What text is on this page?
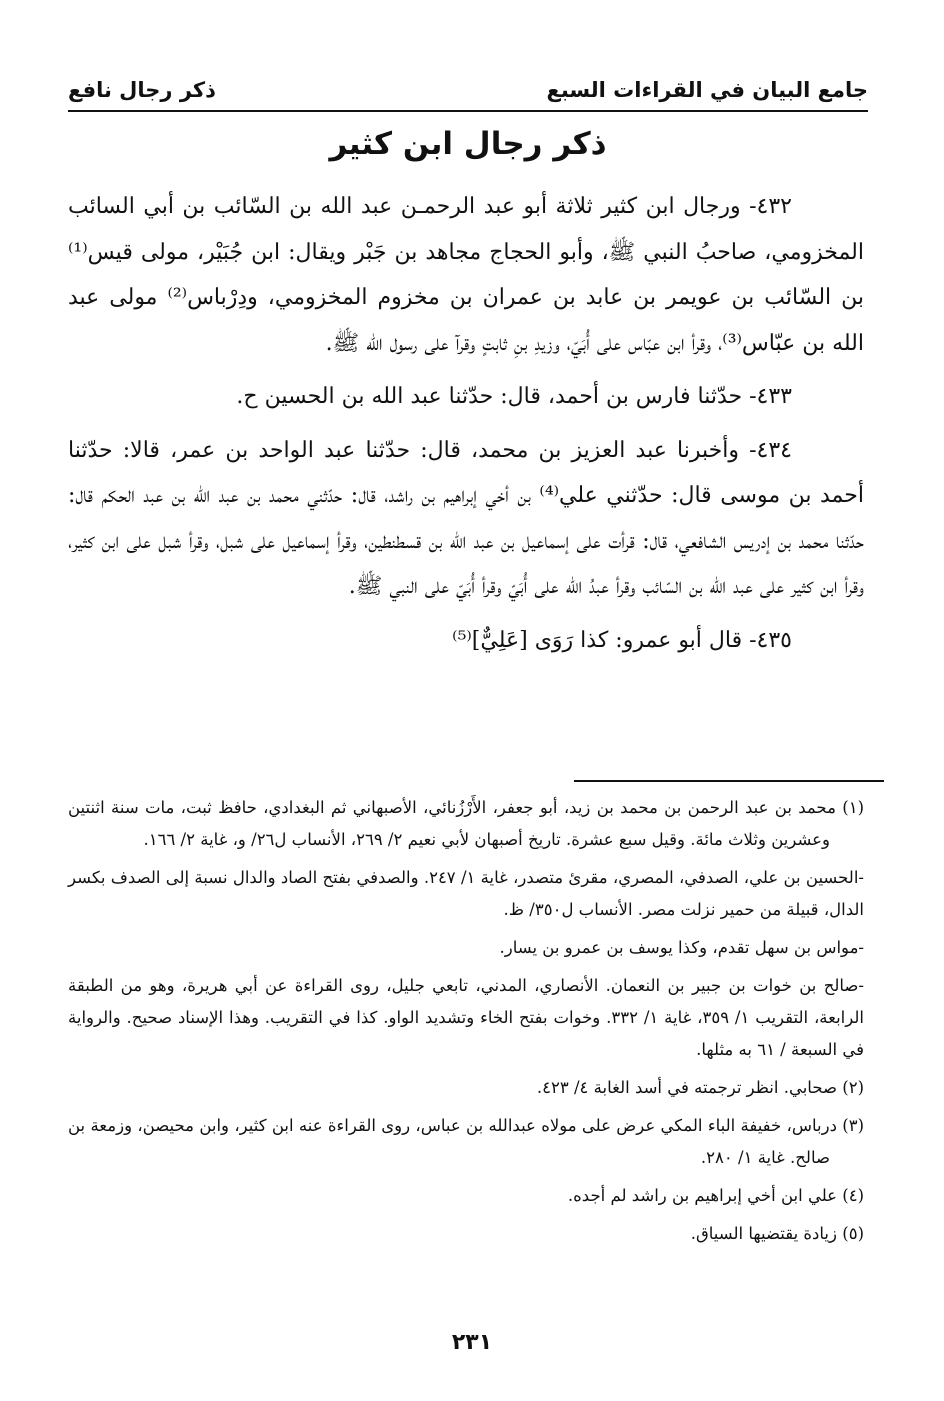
جامع البيان في القراءات السبع
ذكر رجال نافع
ذكر رجال ابن كثير

٤٣٢- ورجال ابن كثير ثلاثة أبو عبد الرحمـن عبد الله بن السّائب بن أبي السائب المخزومي، صاحبُ النبي ﷺ، وأبو الحجاج مجاهد بن جَبْر ويقال: ابن جُبَيْر، مولى قيس⁽¹⁾ بن السّائب بن عويمر بن عابد بن عمران بن مخزوم المخزومي، ودِرْباس⁽²⁾ مولى عبد الله بن عبّاس⁽³⁾، وقرأ ابن عبّاس على أُبَيّ، وزيدِ بنِ ثابتٍ وقرآ على رسول الله ﷺ.

٤٣٣- حدّثنا فارس بن أحمد، قال: حدّثنا عبد الله بن الحسين ح.

٤٣٤- وأخبرنا عبد العزيز بن محمد، قال: حدّثنا عبد الواحد بن عمر، قالا: حدّثنا أحمد بن موسى قال: حدّثني علي⁽⁴⁾ بن أخي إبراهيم بن راشد، قال: حدّثني محمد بن عبد الله بن عبد الحكم قال: حدّثنا محمد بن إدريس الشافعي، قال: قرأت على إسماعيل بن عبد الله بن قسطنطين، وقرأ إسماعيل على شبل، وقرأ شبل على ابن كثير، وقرأ ابن كثير على عبد الله بن السّائب وقرأ عبدُ الله على أُبَيّ وقرأ أُبَيّ على النبي ﷺ.

٤٣٥- قال أبو عمرو: كذا رَوَى [عَلِيٌّ]⁽⁵⁾

(١) محمد بن عبد الرحمن بن محمد بن زيد، أبو جعفر، الأَرْزُنائي، الأصبهاني ثم البغدادي، حافظ ثبت، مات سنة اثنتين وعشرين وثلاث مائة. وقيل سبع عشرة. تاريخ أصبهان لأبي نعيم ٢/ ٢٦٩، الأنساب ل٢٦/ و، غاية ٢/ ١٦٦.

-الحسين بن علي، الصدفي، المصري، مقرئ متصدر، غاية ١/ ٢٤٧. والصدفي بفتح الصاد والدال نسبة إلى الصدف بكسر الدال، قبيلة من حمير نزلت مصر. الأنساب ل٣٥٠/ ظ.

-مواس بن سهل تقدم، وكذا يوسف بن عمرو بن يسار.

-صالح بن خوات بن جبير بن النعمان. الأنصاري، المدني، تابعي جليل، روى القراءة عن أبي هريرة، وهو من الطبقة الرابعة، التقريب ١/ ٣٥٩، غاية ١/ ٣٣٢. وخوات بفتح الخاء وتشديد الواو. كذا في التقريب. وهذا الإسناد صحيح. والرواية في السبعة / ٦١ به مثلها.

(٢) صحابي. انظر ترجمته في أسد الغابة ٤/ ٤٢٣.

(٣) درباس، خفيفة الباء المكي عرض على مولاه عبدالله بن عباس، روى القراءة عنه ابن كثير، وابن محيصن، وزمعة بن صالح. غاية ١/ ٢٨٠.

(٤) علي ابن أخي إبراهيم بن راشد لم أجده.

(٥) زيادة يقتضيها السياق.

٢٣١
